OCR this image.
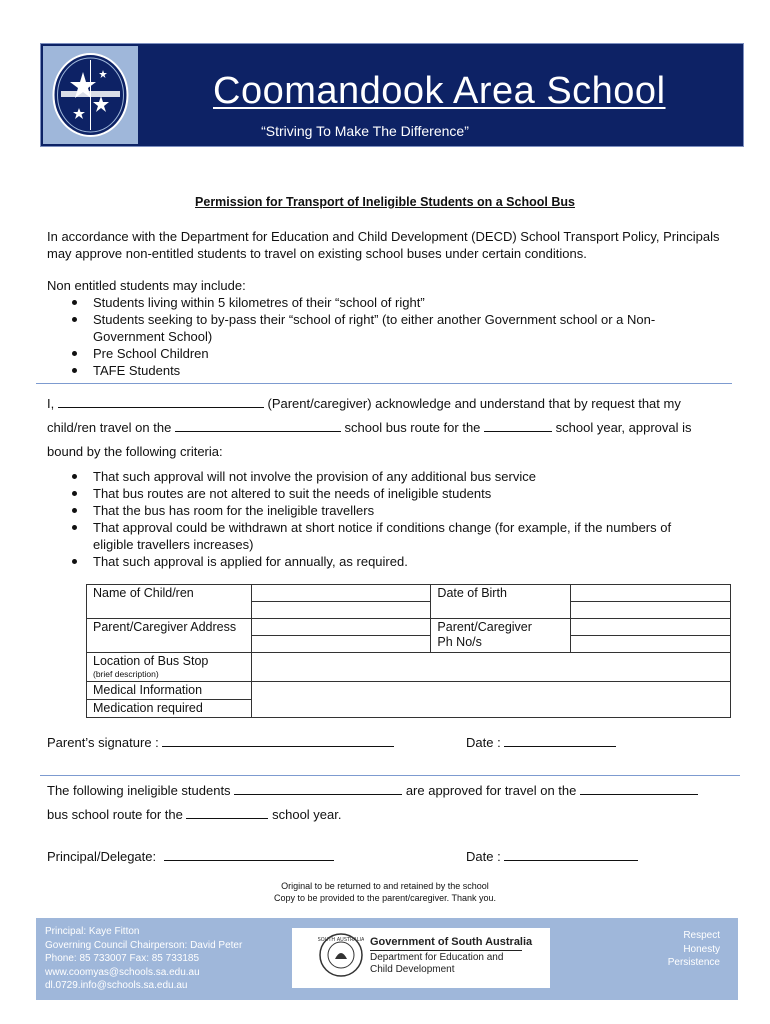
Coomandook Area School
“Striving To Make The Difference”
Permission for Transport of Ineligible Students on a School Bus
In accordance with the Department for Education and Child Development (DECD) School Transport Policy, Principals
may approve non-entitled students to travel on existing school buses under certain conditions.
Non entitled students may include:
Students living within 5 kilometres of their “school of right”
Students seeking to by-pass their “school of right” (to either another Government school or a Non-
Government School)
Pre School Children
TAFE Students
I,	(Parent/caregiver) acknowledge and understand that by request that my
child/ren travel on the	school bus route for the	school year, approval is
bound by the following criteria:
That such approval will not involve the provision of any additional bus service
That bus routes are not altered to suit the needs of ineligible students
That the bus has room for the ineligible travellers
That approval could be withdrawn at short notice if conditions change (for example, if the numbers of
eligible travellers increases)
That such approval is applied for annually, as required.
Name of Child/ren		Date of Birth	

Parent/Caregiver Address		Parent/Caregiver
Ph No/s	

Location of Bus Stop
(brief description)			

Medical Information			
Medication required			
Parent’s signature :	Date :
The following ineligible students	are approved for travel on the
bus school route for the	school year.
Principal/Delegate:	Date :
Original to be returned to and retained by the school
Copy to be provided to the parent/caregiver. Thank you.
Principal: Kaye Fitton
Governing Council Chairperson: David Peter
Phone: 85 733007 Fax: 85 733185
www.coomyas@schools.sa.edu.au
dl.0729.info@schools.sa.edu.au
SOUTH AUSTRALIA Government of South Australia
Department for Education and
Child Development
Respect
Honesty
Persistence
